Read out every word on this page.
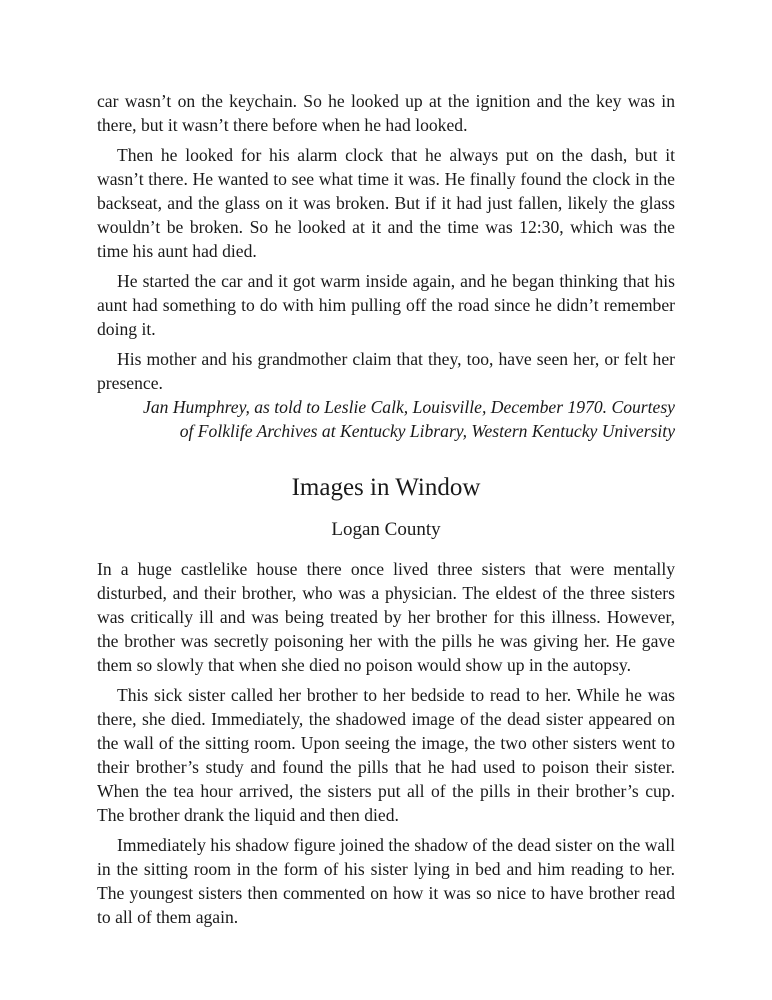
car wasn’t on the keychain. So he looked up at the ignition and the key was in there, but it wasn’t there before when he had looked.

Then he looked for his alarm clock that he always put on the dash, but it wasn’t there. He wanted to see what time it was. He finally found the clock in the backseat, and the glass on it was broken. But if it had just fallen, likely the glass wouldn’t be broken. So he looked at it and the time was 12:30, which was the time his aunt had died.

He started the car and it got warm inside again, and he began thinking that his aunt had something to do with him pulling off the road since he didn’t remember doing it.

His mother and his grandmother claim that they, too, have seen her, or felt her presence.

Jan Humphrey, as told to Leslie Calk, Louisville, December 1970. Courtesy
of Folklife Archives at Kentucky Library, Western Kentucky University
Images in Window
Logan County

In a huge castlelike house there once lived three sisters that were mentally disturbed, and their brother, who was a physician. The eldest of the three sisters was critically ill and was being treated by her brother for this illness. However, the brother was secretly poisoning her with the pills he was giving her. He gave them so slowly that when she died no poison would show up in the autopsy.

This sick sister called her brother to her bedside to read to her. While he was there, she died. Immediately, the shadowed image of the dead sister appeared on the wall of the sitting room. Upon seeing the image, the two other sisters went to their brother’s study and found the pills that he had used to poison their sister. When the tea hour arrived, the sisters put all of the pills in their brother’s cup. The brother drank the liquid and then died.

Immediately his shadow figure joined the shadow of the dead sister on the wall in the sitting room in the form of his sister lying in bed and him reading to her. The youngest sisters then commented on how it was so nice to have brother read to all of them again.
